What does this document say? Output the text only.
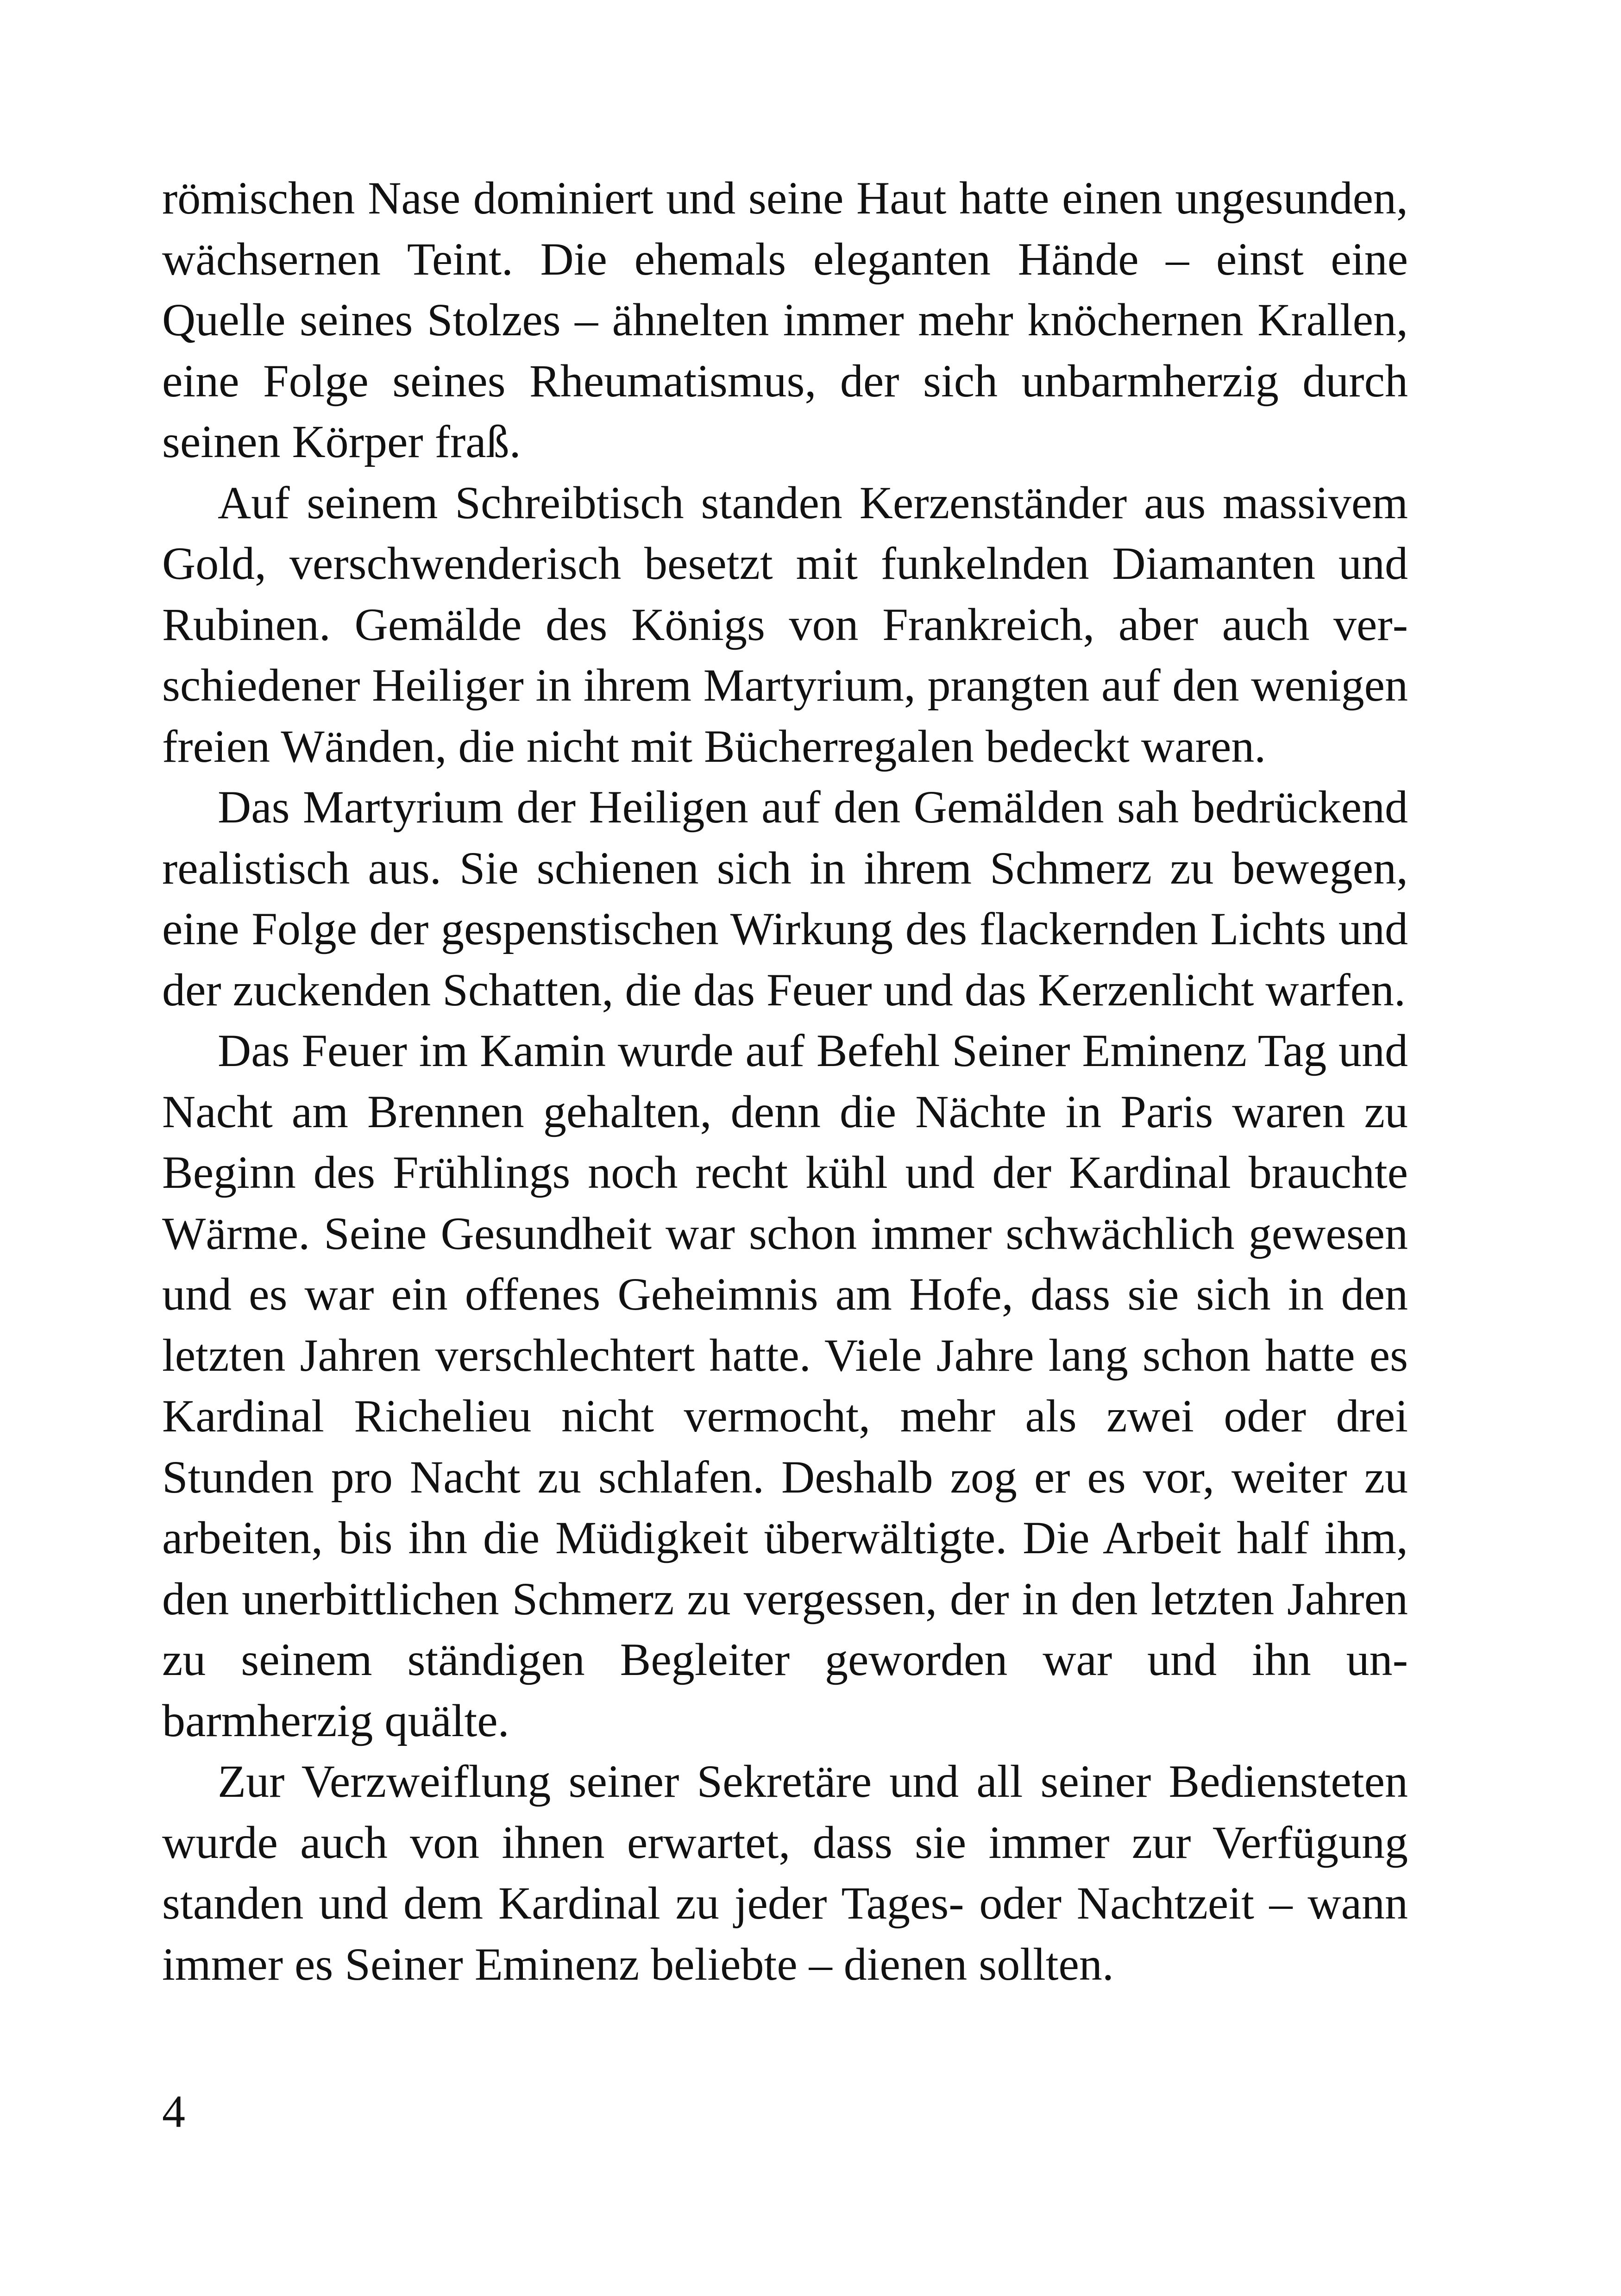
römischen Nase dominiert und seine Haut hatte einen ungesunden, wächsernen Teint. Die ehemals eleganten Hände – einst eine Quelle seines Stolzes – ähnelten immer mehr knöchernen Krallen, eine Folge seines Rheumatismus, der sich unbarmherzig durch seinen Körper fraß.

Auf seinem Schreibtisch standen Kerzenständer aus massivem Gold, verschwenderisch besetzt mit funkelnden Diamanten und Rubinen. Gemälde des Königs von Frankreich, aber auch verschiedener Heiliger in ihrem Martyrium, prangten auf den wenigen freien Wänden, die nicht mit Bücherregalen bedeckt waren.

Das Martyrium der Heiligen auf den Gemälden sah bedrückend realistisch aus. Sie schienen sich in ihrem Schmerz zu bewegen, eine Folge der gespenstischen Wirkung des flackernden Lichts und der zuckenden Schatten, die das Feuer und das Kerzenlicht warfen.

Das Feuer im Kamin wurde auf Befehl Seiner Eminenz Tag und Nacht am Brennen gehalten, denn die Nächte in Paris waren zu Beginn des Frühlings noch recht kühl und der Kardinal brauchte Wärme. Seine Gesundheit war schon immer schwächlich gewesen und es war ein offenes Geheimnis am Hofe, dass sie sich in den letzten Jahren verschlechtert hatte. Viele Jahre lang schon hatte es Kardinal Richelieu nicht vermocht, mehr als zwei oder drei Stunden pro Nacht zu schlafen. Deshalb zog er es vor, weiter zu arbeiten, bis ihn die Müdigkeit überwältigte. Die Arbeit half ihm, den unerbittlichen Schmerz zu vergessen, der in den letzten Jahren zu seinem ständigen Begleiter geworden war und ihn unbarmherzig quälte.

Zur Verzweiflung seiner Sekretäre und all seiner Bediensteten wurde auch von ihnen erwartet, dass sie immer zur Verfügung standen und dem Kardinal zu jeder Tages- oder Nachtzeit – wann immer es Seiner Eminenz beliebte – dienen sollten.

4
